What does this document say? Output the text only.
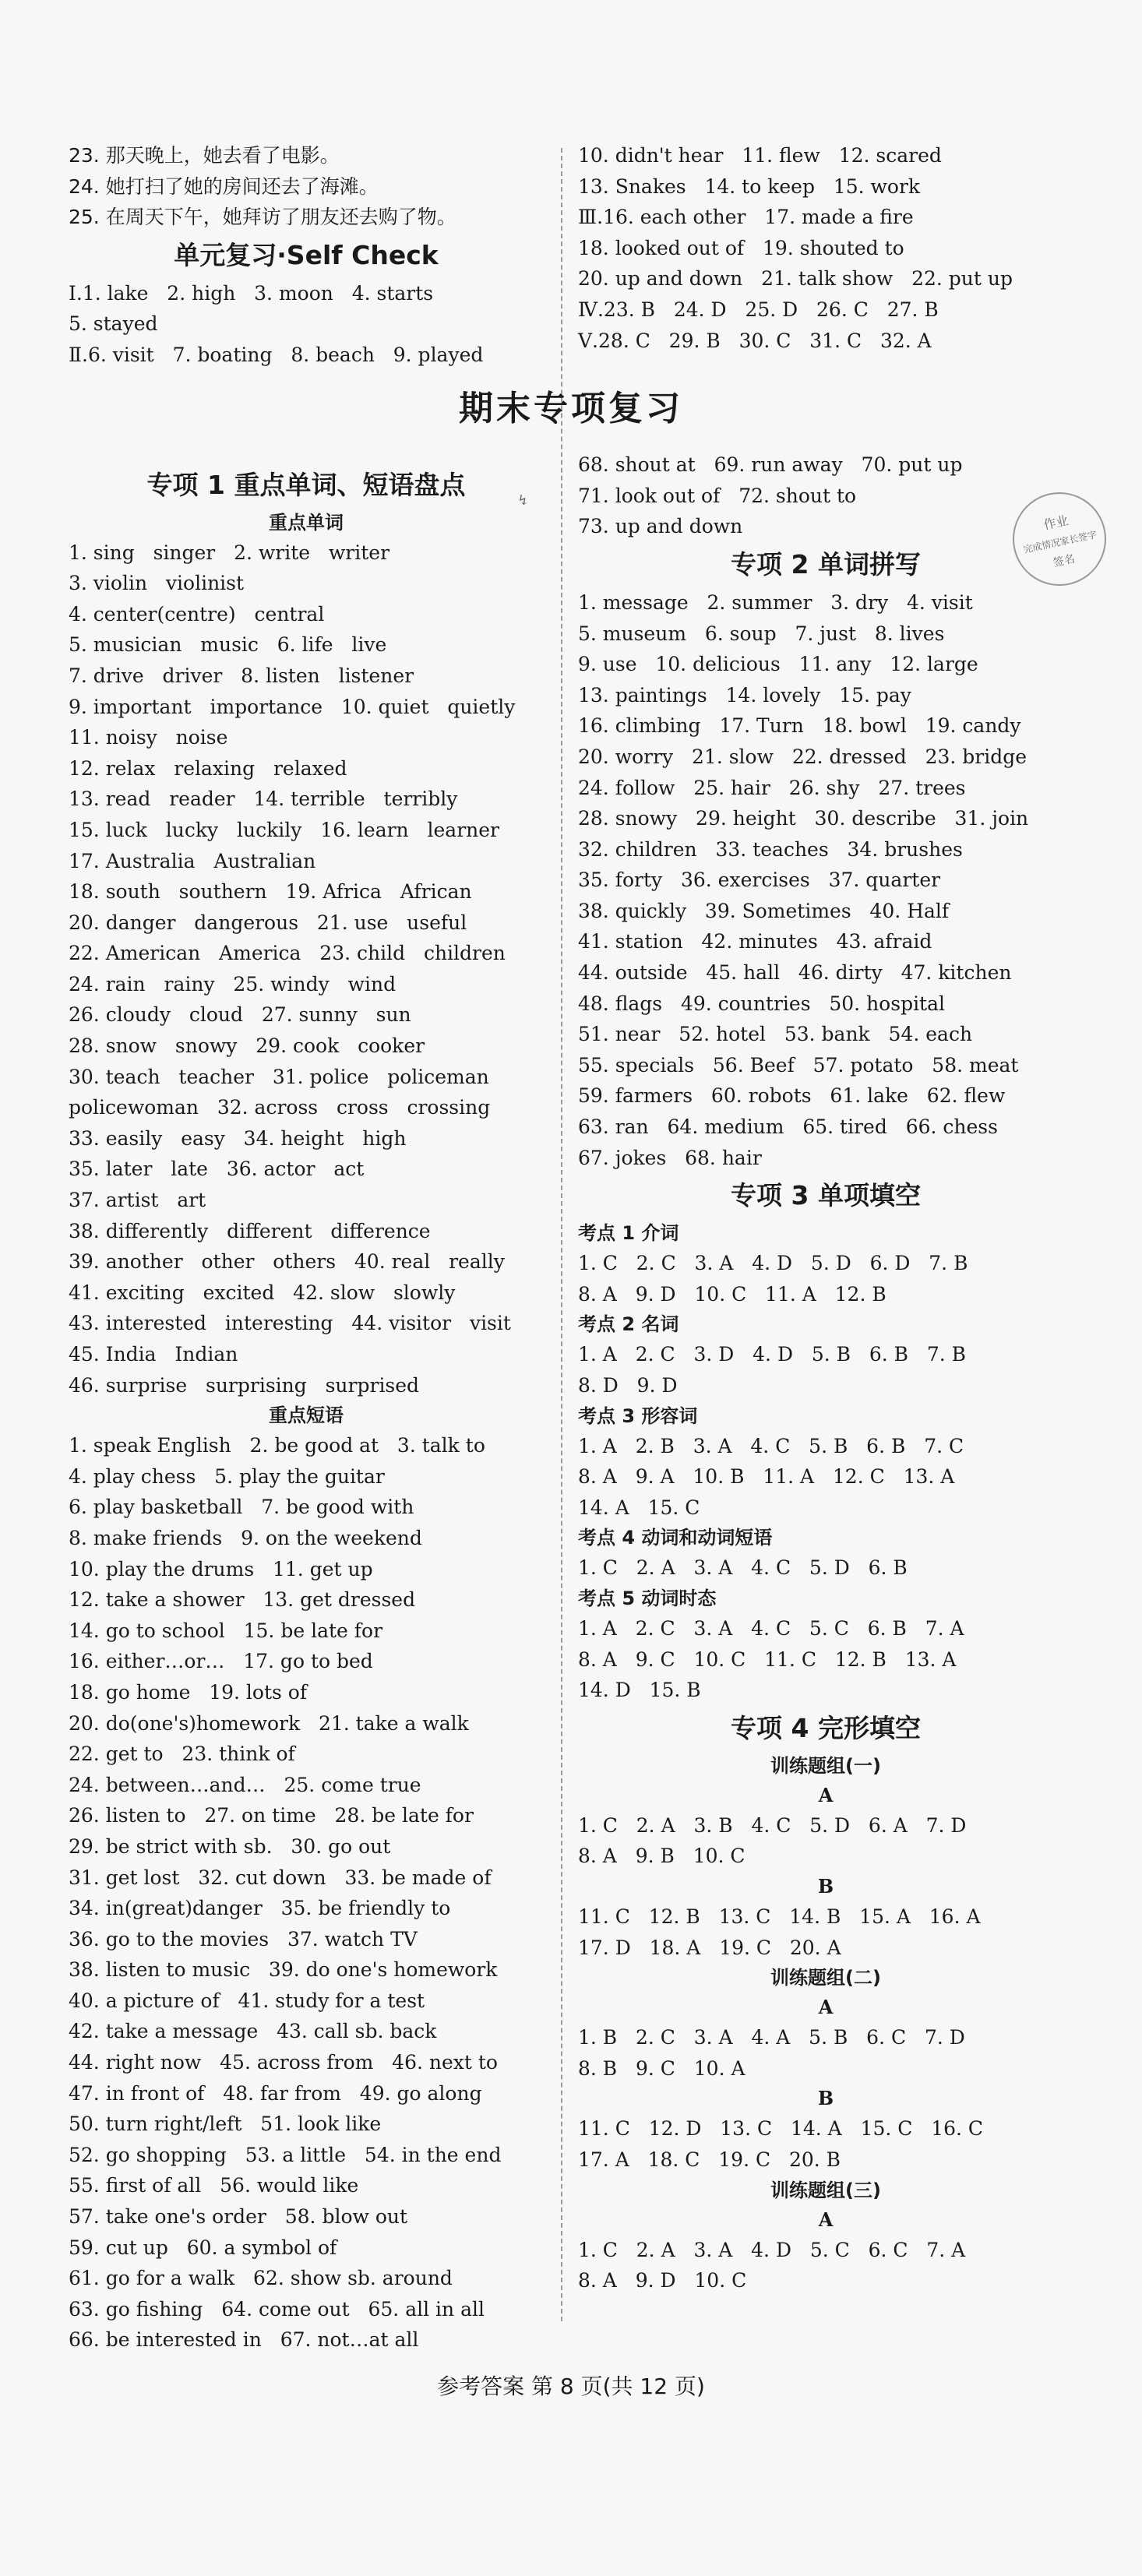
23. 那天晚上，她去看了电影。
24. 她打扫了她的房间还去了海滩。
25. 在周天下午，她拜访了朋友还去购了物。
单元复习·Self Check
Ⅰ.1. lake   2. high   3. moon   4. starts
5. stayed
Ⅱ.6. visit   7. boating   8. beach   9. played
专项 1 重点单词、短语盘点
重点单词
1. sing   singer   2. write   writer
3. violin   violinist
4. center(centre)   central
5. musician   music   6. life   live
7. drive   driver   8. listen   listener
9. important   importance   10. quiet   quietly
11. noisy   noise
12. relax   relaxing   relaxed
13. read   reader   14. terrible   terribly
15. luck   lucky   luckily   16. learn   learner
17. Australia   Australian
18. south   southern   19. Africa   African
20. danger   dangerous   21. use   useful
22. American   America   23. child   children
24. rain   rainy   25. windy   wind
26. cloudy   cloud   27. sunny   sun
28. snow   snowy   29. cook   cooker
30. teach   teacher   31. police   policeman
policewoman   32. across   cross   crossing
33. easily   easy   34. height   high
35. later   late   36. actor   act
37. artist   art
38. differently   different   difference
39. another   other   others   40. real   really
41. exciting   excited   42. slow   slowly
43. interested   interesting   44. visitor   visit
45. India   Indian
46. surprise   surprising   surprised
重点短语
1. speak English   2. be good at   3. talk to
4. play chess   5. play the guitar
6. play basketball   7. be good with
8. make friends   9. on the weekend
10. play the drums   11. get up
12. take a shower   13. get dressed
14. go to school   15. be late for
16. either…or…   17. go to bed
18. go home   19. lots of
20. do(one's)homework   21. take a walk
22. get to   23. think of
24. between…and…   25. come true
26. listen to   27. on time   28. be late for
29. be strict with sb.   30. go out
31. get lost   32. cut down   33. be made of
34. in(great)danger   35. be friendly to
36. go to the movies   37. watch TV
38. listen to music   39. do one's homework
40. a picture of   41. study for a test
42. take a message   43. call sb. back
44. right now   45. across from   46. next to
47. in front of   48. far from   49. go along
50. turn right/left   51. look like
52. go shopping   53. a little   54. in the end
55. first of all   56. would like
57. take one's order   58. blow out
59. cut up   60. a symbol of
61. go for a walk   62. show sb. around
63. go fishing   64. come out   65. all in all
66. be interested in   67. not…at all
10. didn't hear   11. flew   12. scared
13. Snakes   14. to keep   15. work
Ⅲ.16. each other   17. made a fire
18. looked out of   19. shouted to
20. up and down   21. talk show   22. put up
Ⅳ.23. B   24. D   25. D   26. C   27. B
Ⅴ.28. C   29. B   30. C   31. C   32. A
68. shout at   69. run away   70. put up
71. look out of   72. shout to
73. up and down
专项 2 单词拼写
1. message   2. summer   3. dry   4. visit
5. museum   6. soup   7. just   8. lives
9. use   10. delicious   11. any   12. large
13. paintings   14. lovely   15. pay
16. climbing   17. Turn   18. bowl   19. candy
20. worry   21. slow   22. dressed   23. bridge
24. follow   25. hair   26. shy   27. trees
28. snowy   29. height   30. describe   31. join
32. children   33. teaches   34. brushes
35. forty   36. exercises   37. quarter
38. quickly   39. Sometimes   40. Half
41. station   42. minutes   43. afraid
44. outside   45. hall   46. dirty   47. kitchen
48. flags   49. countries   50. hospital
51. near   52. hotel   53. bank   54. each
55. specials   56. Beef   57. potato   58. meat
59. farmers   60. robots   61. lake   62. flew
63. ran   64. medium   65. tired   66. chess
67. jokes   68. hair
专项 3 单项填空
考点 1 介词
1. C   2. C   3. A   4. D   5. D   6. D   7. B
8. A   9. D   10. C   11. A   12. B
考点 2 名词
1. A   2. C   3. D   4. D   5. B   6. B   7. B
8. D   9. D
考点 3 形容词
1. A   2. B   3. A   4. C   5. B   6. B   7. C
8. A   9. A   10. B   11. A   12. C   13. A
14. A   15. C
考点 4 动词和动词短语
1. C   2. A   3. A   4. C   5. D   6. B
考点 5 动词时态
1. A   2. C   3. A   4. C   5. C   6. B   7. A
8. A   9. C   10. C   11. C   12. B   13. A
14. D   15. B
专项 4 完形填空
训练题组(一)
A
1. C   2. A   3. B   4. C   5. D   6. A   7. D
8. A   9. B   10. C
B
11. C   12. B   13. C   14. B   15. A   16. A
17. D   18. A   19. C   20. A
训练题组(二)
A
1. B   2. C   3. A   4. A   5. B   6. C   7. D
8. B   9. C   10. A
B
11. C   12. D   13. C   14. A   15. C   16. C
17. A   18. C   19. C   20. B
训练题组(三)
A
1. C   2. A   3. A   4. D   5. C   6. C   7. A
8. A   9. D   10. C
期末专项复习
↯
作业
完成情况家长签字
签名
参考答案 第 8 页(共 12 页)
